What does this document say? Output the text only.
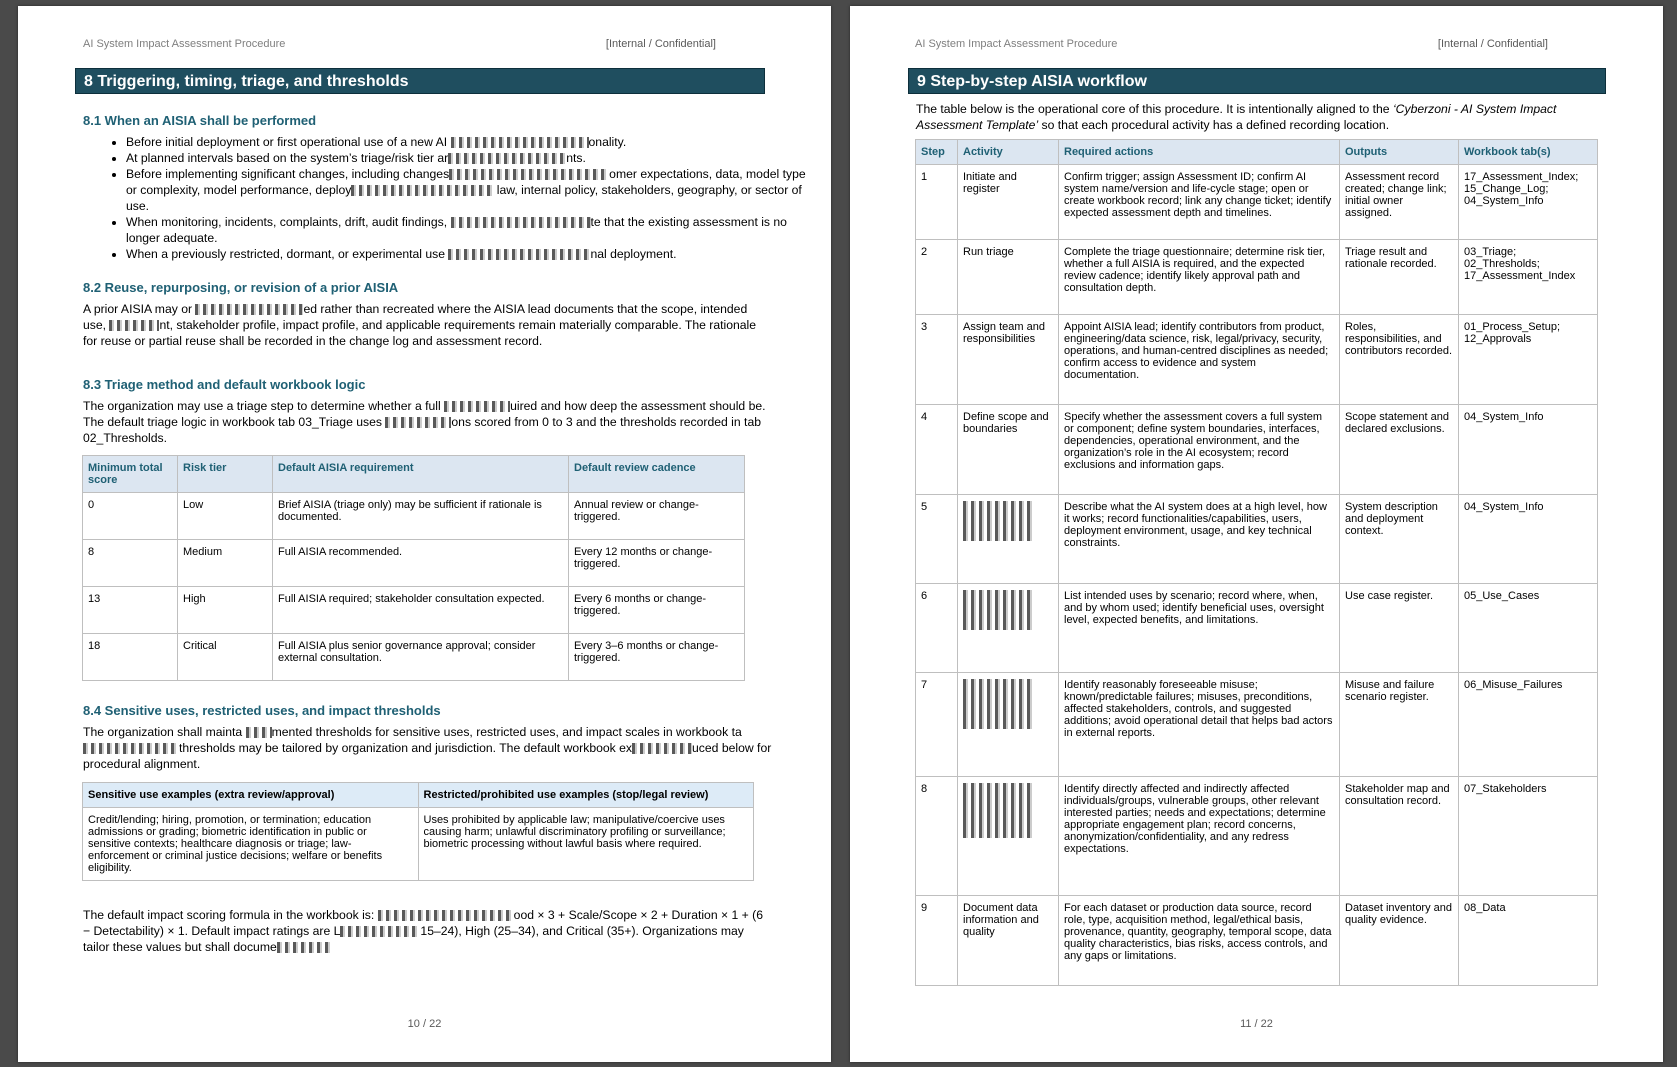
AI System Impact Assessment Procedure	[Internal / Confidential]
8 Triggering, timing, triage, and thresholds
8.1 When an AISIA shall be performed
• Before initial deployment or first operational use of a new AI	onality.
• At planned intervals based on the system’s triage/risk tier ar	nts.
• Before implementing significant changes, including changes	omer expectations, data, model type or complexity, model performance, deploy	law, internal policy, stakeholders, geography, or sector of use.
• When monitoring, incidents, complaints, drift, audit findings,	te that the existing assessment is no longer adequate.
• When a previously restricted, dormant, or experimental use	nal deployment.
8.2 Reuse, repurposing, or revision of a prior AISIA
A prior AISIA may or	ed rather than recreated where the AISIA lead documents that the scope, intended use,	nt, stakeholder profile, impact profile, and applicable requirements remain materially comparable. The rationale for reuse or partial reuse shall be recorded in the change log and assessment record.
8.3 Triage method and default workbook logic
The organization may use a triage step to determine whether a full	uired and how deep the assessment should be. The default triage logic in workbook tab 03_Triage uses	ons scored from 0 to 3 and the thresholds recorded in tab 02_Thresholds.
Minimum total score	Risk tier	Default AISIA requirement	Default review cadence
0	Low	Brief AISIA (triage only) may be sufficient if rationale is documented.	Annual review or change-triggered.
8	Medium	Full AISIA recommended.	Every 12 months or change-triggered.
13	High	Full AISIA required; stakeholder consultation expected.	Every 6 months or change-triggered.
18	Critical	Full AISIA plus senior governance approval; consider external consultation.	Every 3–6 months or change-triggered.
8.4 Sensitive uses, restricted uses, and impact thresholds
The organization shall mainta mented thresholds for sensitive uses, restricted uses, and impact scales in workbook tathresholds may be tailored by organization and jurisdiction. The default workbook ex	uced below for procedural alignment.
Sensitive use examples (extra review/approval)	Restricted/prohibited use examples (stop/legal review)
Credit/lending; hiring, promotion, or termination; education admissions or grading; biometric identification in public or sensitive contexts; healthcare diagnosis or triage; law-enforcement or criminal justice decisions; welfare or benefits eligibility.	Uses prohibited by applicable law; manipulative/coercive uses causing harm; unlawful discriminatory profiling or surveillance; biometric processing without lawful basis where required.
The default impact scoring formula in the workbook is:	ood × 3 + Scale/Scope × 2 + Duration × 1 + (6 − Detectability) × 1. Default impact ratings are L	15–24), High (25–34), and Critical (35+). Organizations may tailor these values but shall docume
10 / 22
AI System Impact Assessment Procedure	[Internal / Confidential]
9 Step-by-step AISIA workflow
The table below is the operational core of this procedure. It is intentionally aligned to the ‘Cyberzoni - AI System Impact Assessment Template’ so that each procedural activity has a defined recording location.
Step	Activity	Required actions	Outputs	Workbook tab(s)
1	Initiate and register	Confirm trigger; assign Assessment ID; confirm AI system name/version and life-cycle stage; open or create workbook record; link any change ticket; identify expected assessment depth and timelines.	Assessment record created; change link; initial owner assigned.	17_Assessment_Index; 15_Change_Log; 04_System_Info
2	Run triage	Complete the triage questionnaire; determine risk tier, whether a full AISIA is required, and the expected review cadence; identify likely approval path and consultation depth.	Triage result and rationale recorded.	03_Triage; 02_Thresholds; 17_Assessment_Index
3	Assign team and responsibilities	Appoint AISIA lead; identify contributors from product, engineering/data science, risk, legal/privacy, security, operations, and human-centred disciplines as needed; confirm access to evidence and system documentation.	Roles, responsibilities, and contributors recorded.	01_Process_Setup; 12_Approvals
4	Define scope and boundaries	Specify whether the assessment covers a full system or component; define system boundaries, interfaces, dependencies, operational environment, and the organization’s role in the AI ecosystem; record exclusions and information gaps.	Scope statement and declared exclusions.	04_System_Info
5		Describe what the AI system does at a high level, how it works; record functionalities/capabilities, users, deployment environment, usage, and key technical constraints.	System description and deployment context.	04_System_Info
6		List intended uses by scenario; record where, when, and by whom used; identify beneficial uses, oversight level, expected benefits, and limitations.	Use case register.	05_Use_Cases
7		Identify reasonably foreseeable misuse; known/predictable failures; misuses, preconditions, affected stakeholders, controls, and suggested additions; avoid operational detail that helps bad actors in external reports.	Misuse and failure scenario register.	06_Misuse_Failures
8		Identify directly affected and indirectly affected individuals/groups, vulnerable groups, other relevant interested parties; needs and expectations; determine appropriate engagement plan; record concerns, anonymization/confidentiality, and any redress expectations.	Stakeholder map and consultation record.	07_Stakeholders
9	Document data information and quality	For each dataset or production data source, record role, type, acquisition method, legal/ethical basis, provenance, quantity, geography, temporal scope, data quality characteristics, bias risks, access controls, and any gaps or limitations.	Dataset inventory and quality evidence.	08_Data
11 / 22
